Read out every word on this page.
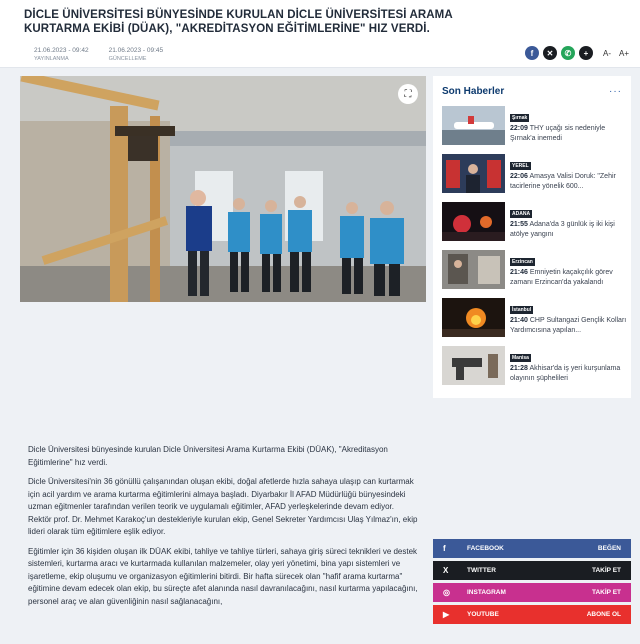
DİCLE ÜNİVERSİTESİ BÜNYESİNDE KURULAN DİCLE ÜNİVERSİTESİ ARAMA KURTARMA EKİBİ (DÜAK), "AKREDİTASYON EĞİTİMLERİNE" HIZ VERDİ.
21.06.2023 - 09:42
YAYINLANMA
21.06.2023 - 09:45
GÜNCELLEME
f	✕	✆	+	A- A+
⛶

Dicle Üniversitesi bünyesinde kurulan Dicle Üniversitesi Arama Kurtarma Ekibi (DÜAK), "Akreditasyon Eğitimlerine" hız verdi.

Dicle Üniversitesi'nin 36 gönüllü çalışanından oluşan ekibi, doğal afetlerde hızla sahaya ulaşıp can kurtarmak için acil yardım ve arama kurtarma eğitimlerini almaya başladı. Diyarbakır İl AFAD Müdürlüğü bünyesindeki uzman eğitmenler tarafından verilen teorik ve uygulamalı eğitimler, AFAD yerleşkelerinde devam ediyor. Rektör prof. Dr. Mehmet Karakoç'un destekleriyle kurulan ekip, Genel Sekreter Yardımcısı Ulaş Yılmaz'ın, ekip lideri olarak tüm eğitimlere eşlik ediyor.

Eğitimler için 36 kişiden oluşan ilk DÜAK ekibi, tahliye ve tahliye türleri, sahaya giriş süreci teknikleri ve destek sistemleri, kurtarma aracı ve kurtarmada kullanılan malzemeler, olay yeri yönetimi, bina yapı sistemleri ve işaretleme, ekip oluşumu ve organizasyon eğitimlerini bitirdi. Bir hafta sürecek olan "hafif arama kurtarma" eğitimine devam edecek olan ekip, bu süreçte afet alanında nasıl davranılacağını, nasıl kurtarma yapılacağını, personel araç ve alan güvenliğinin nasıl sağlanacağını,

Son Haberler	···
Şırnak
22:09 THY uçağı sis nedeniyle Şırnak'a inemedi
YEREL
22:06 Amasya Valisi Doruk: "Zehir tacirlerine yönelik 600...
ADANA
21:55 Adana'da 3 günlük iş iki kişi atölye yangını
Erzincan
21:46 Emniyetin kaçakçılık görev zamanı Erzincan'da yakalandı
İstanbul
21:40 CHP Sultangazi Gençlik Kolları Yardımcısına yapılan...
Manisa
21:28 Akhisar'da iş yeri kurşunlama olayının şüphelileri
f	FACEBOOK	BEĞEN
X	TWITTER	TAKİP ET
◎	INSTAGRAM	TAKİP ET
▶	YOUTUBE	ABONE OL
